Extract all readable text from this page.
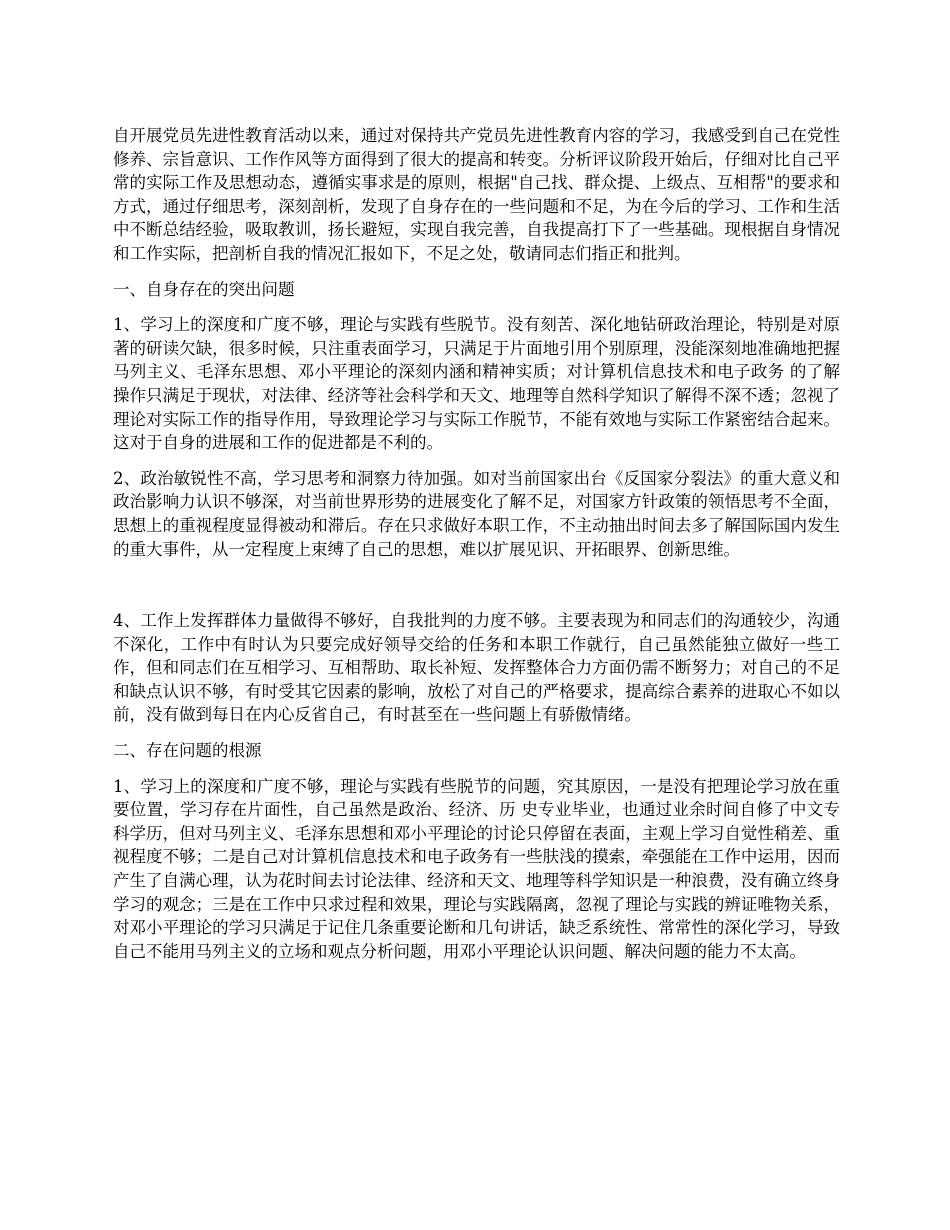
自开展党员先进性教育活动以来，通过对保持共产党员先进性教育内容的学习，我感受到自己在党性修养、宗旨意识、工作作风等方面得到了很大的提高和转变。分析评议阶段开始后，仔细对比自己平常的实际工作及思想动态，遵循实事求是的原则，根据"自己找、群众提、上级点、互相帮"的要求和方式，通过仔细思考，深刻剖析，发现了自身存在的一些问题和不足，为在今后的学习、工作和生活中不断总结经验，吸取教训，扬长避短，实现自我完善，自我提高打下了一些基础。现根据自身情况和工作实际，把剖析自我的情况汇报如下，不足之处，敬请同志们指正和批判。

一、自身存在的突出问题

1、学习上的深度和广度不够，理论与实践有些脱节。没有刻苦、深化地钻研政治理论，特别是对原著的研读欠缺，很多时候，只注重表面学习，只满足于片面地引用个别原理，没能深刻地准确地把握马列主义、毛泽东思想、邓小平理论的深刻内涵和精神实质；对计算机信息技术和电子政务 的了解操作只满足于现状，对法律、经济等社会科学和天文、地理等自然科学知识了解得不深不透；忽视了理论对实际工作的指导作用，导致理论学习与实际工作脱节，不能有效地与实际工作紧密结合起来。这对于自身的进展和工作的促进都是不利的。

2、政治敏锐性不高，学习思考和洞察力待加强。如对当前国家出台《反国家分裂法》的重大意义和政治影响力认识不够深，对当前世界形势的进展变化了解不足，对国家方针政策的领悟思考不全面，思想上的重视程度显得被动和滞后。存在只求做好本职工作，不主动抽出时间去多了解国际国内发生的重大事件，从一定程度上束缚了自己的思想，难以扩展见识、开拓眼界、创新思维。

4、工作上发挥群体力量做得不够好，自我批判的力度不够。主要表现为和同志们的沟通较少，沟通不深化，工作中有时认为只要完成好领导交给的任务和本职工作就行，自己虽然能独立做好一些工作，但和同志们在互相学习、互相帮助、取长补短、发挥整体合力方面仍需不断努力；对自己的不足和缺点认识不够，有时受其它因素的影响，放松了对自己的严格要求，提高综合素养的进取心不如以前，没有做到每日在内心反省自己，有时甚至在一些问题上有骄傲情绪。

二、存在问题的根源

1、学习上的深度和广度不够，理论与实践有些脱节的问题，究其原因，一是没有把理论学习放在重要位置，学习存在片面性，自己虽然是政治、经济、历 史专业毕业，也通过业余时间自修了中文专科学历，但对马列主义、毛泽东思想和邓小平理论的讨论只停留在表面，主观上学习自觉性稍差、重视程度不够；二是自己对计算机信息技术和电子政务有一些肤浅的摸索，牵强能在工作中运用，因而产生了自满心理，认为花时间去讨论法律、经济和天文、地理等科学知识是一种浪费，没有确立终身学习的观念；三是在工作中只求过程和效果，理论与实践隔离，忽视了理论与实践的辨证唯物关系，对邓小平理论的学习只满足于记住几条重要论断和几句讲话，缺乏系统性、常常性的深化学习，导致自己不能用马列主义的立场和观点分析问题，用邓小平理论认识问题、解决问题的能力不太高。
